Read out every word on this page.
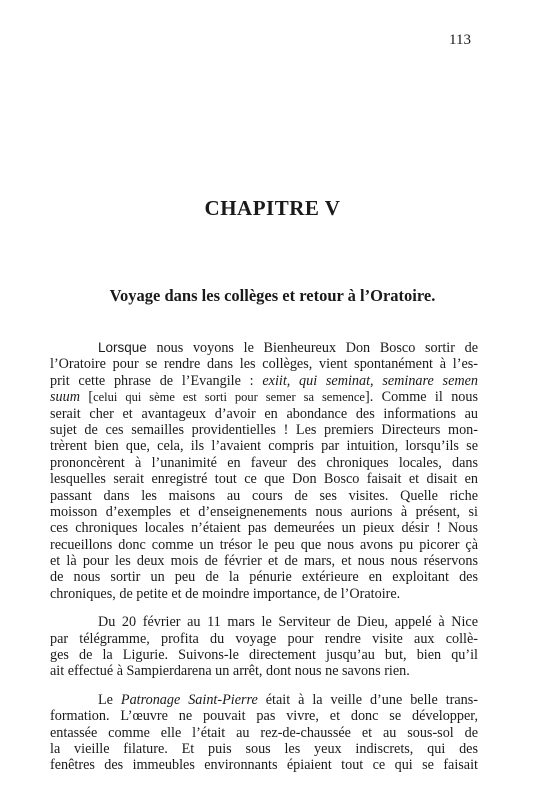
113
CHAPITRE V
Voyage dans les collèges et retour à l’Oratoire.
Lorsque nous voyons le Bienheureux Don Bosco sortir de
l’Oratoire pour se rendre dans les collèges, vient spontanément à l’es-
prit cette phrase de l’Evangile : exiit, qui seminat, seminare semen
suum [celui qui sème est sorti pour semer sa semence]. Comme il nous
serait cher et avantageux d’avoir en abondance des informations au
sujet de ces semailles providentielles ! Les premiers Directeurs mon-
trèrent bien que, cela, ils l’avaient compris par intuition, lorsqu’ils se
prononcèrent à l’unanimité en faveur des chroniques locales, dans
lesquelles serait enregistré tout ce que Don Bosco faisait et disait en
passant dans les maisons au cours de ses visites. Quelle riche
moisson d’exemples et d’enseignenements nous aurions à présent, si
ces chroniques locales n’étaient pas demeurées un pieux désir ! Nous
recueillons donc comme un trésor le peu que nous avons pu picorer çà
et là pour les deux mois de février et de mars, et nous nous réservons
de nous sortir un peu de la pénurie extérieure en exploitant des
chroniques, de petite et de moindre importance, de l’Oratoire.
Du 20 février au 11 mars le Serviteur de Dieu, appelé à Nice
par télégramme, profita du voyage pour rendre visite aux collè-
ges de la Ligurie. Suivons-le directement jusqu’au but, bien qu’il
ait effectué à Sampierdarena un arrêt, dont nous ne savons rien.
Le Patronage Saint-Pierre était à la veille d’une belle trans-
formation. L’œuvre ne pouvait pas vivre, et donc se développer,
entassée comme elle l’était au rez-de-chaussée et au sous-sol de
la vieille filature. Et puis sous les yeux indiscrets, qui des
fenêtres des immeubles environnants épiaient tout ce qui se faisait
